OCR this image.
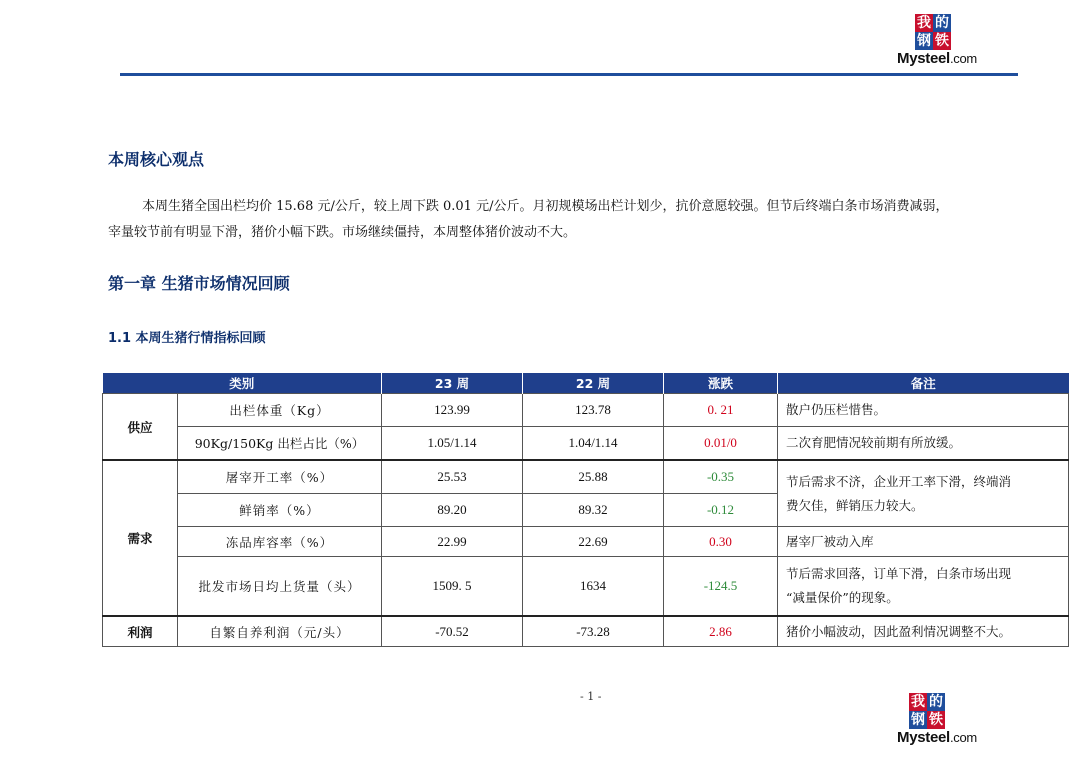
我 的
钢 铁
Mysteel.com
本周核心观点
本周生猪全国出栏均价 15.68 元/公斤，较上周下跌 0.01 元/公斤。月初规模场出栏计划少，抗价意愿较强。但节后终端白条市场消费减弱，
宰量较节前有明显下滑，猪价小幅下跌。市场继续僵持，本周整体猪价波动不大。
第一章 生猪市场情况回顾
1.1 本周生猪行情指标回顾
类别		23 周	22 周	涨跌	备注
供应	出栏体重（Kg）	123.99	123.78	0. 21	散户仍压栏惜售。
	90Kg/150Kg 出栏占比（%）	1.05/1.14	1.04/1.14	0.01/0	二次育肥情况较前期有所放缓。
需求	屠宰开工率（%）	25.53	25.88	-0.35	节后需求不济，企业开工率下滑，终端消
费欠佳，鲜销压力较大。

	鲜销率（%）	89.20	89.32	-0.12	
	冻品库容率（%）	22.99	22.69	0.30	屠宰厂被动入库
	批发市场日均上货量（头）	1509. 5	1634	-124.5	节后需求回落，订单下滑，白条市场出现
“减量保价”的现象。

利润	自繁自养利润（元/头）	-70.52	-73.28	2.86	猪价小幅波动，因此盈利情况调整不大。
- 1 -	我 的
钢 铁
Mysteel.com
